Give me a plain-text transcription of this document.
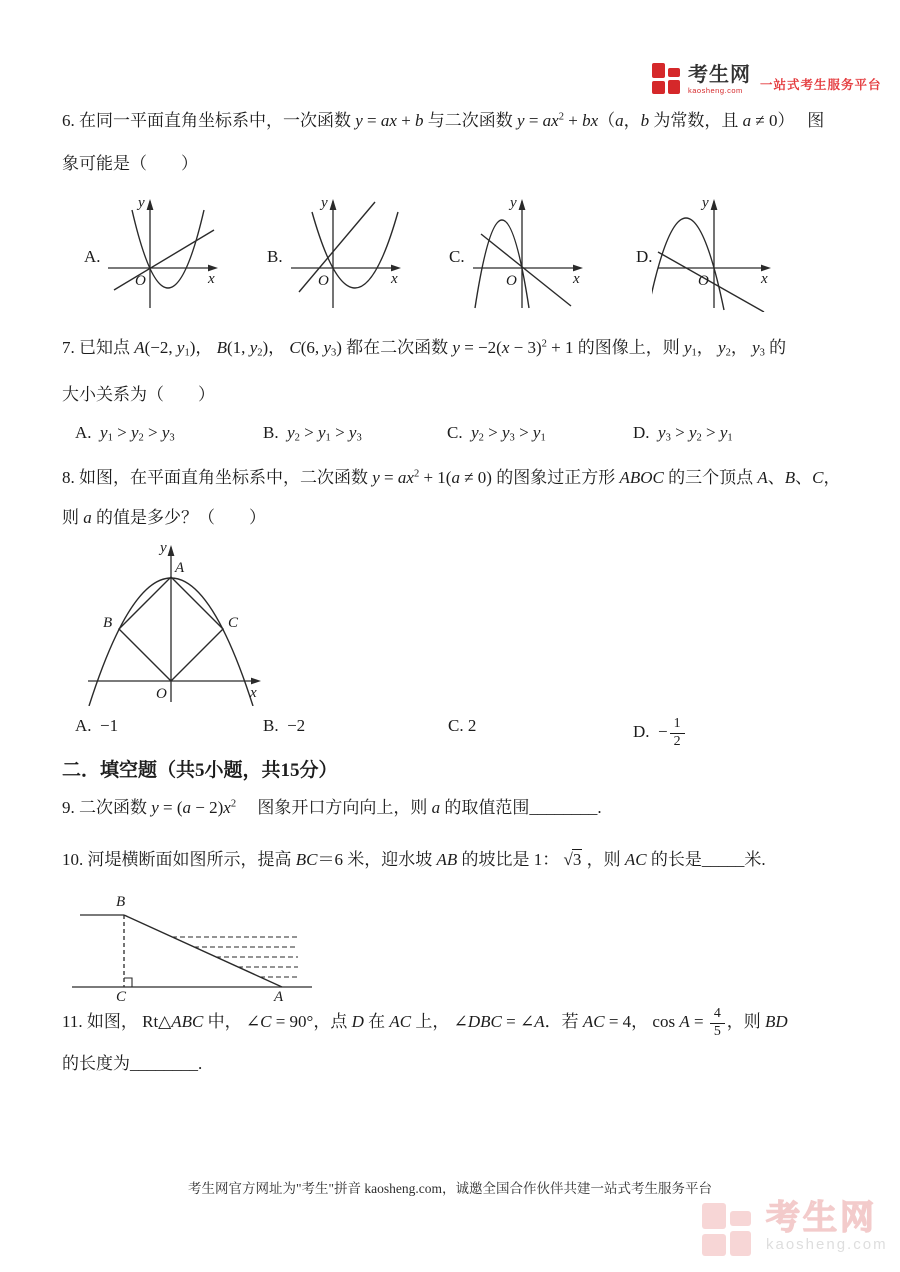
考生网
kaosheng.com 一站式考生服务平台
6. 在同一平面直角坐标系中，一次函数 y = ax + b 与二次函数 $y = ax^2 + bx(a$，b 为常数，且 a ≠ 0）　 图
象可能是（　　）
A.	B.	C.	D.
y
x
O
y
x
O
y
x
O
y
x
O
7. 已知点 A(−2, $y_1$)， B(1, $y_2$)， C(6, $y_3$) 都在二次函数 $y = -2(x - 3)^2 + 1$ 的图像上，则 $y_1$， $y_2$， $y_3$ 的
大小关系为（　　）
A.  $y_1 > y_2 > y_3$	B.  $y_2 > y_1 > y_3$	C.  $y_2 > y_3 > y_1$	D.  $y_3 > y_2 > y_1$
8. 如图，在平面直角坐标系中，二次函数 $y = ax^2 + 1(a \ne 0)$ 的图象过正方形 ABOC 的三个顶点 A、B、C，
则 a 的值是多少？（　　）
y
x
O
A
B	C
A.  −1	B.  −2	C. 2	D.  − $\frac{1}{2}$
二．填空题（共5小题，共15分）
9. 二次函数 $y = (a - 2)x^2$　 图象开口方向向上，则 a 的取值范围________.
10. 河堤横断面如图所示，提高 BC＝6 米，迎水坡 AB 的坡比是 1： √3 ，则 AC 的长是_____米.
B
C	A
11. 如图， Rt△ABC 中， ∠C = 90°，点 D 在 AC 上， ∠DBC = ∠A．若 AC = 4， $\cos A = \frac{4}{5}$ ，则 BD
的长度为________.
考生网官方网址为"考生"拼音 kaosheng.com，诚邀全国合作伙伴共建一站式考生服务平台
考生网
kaosheng.com
